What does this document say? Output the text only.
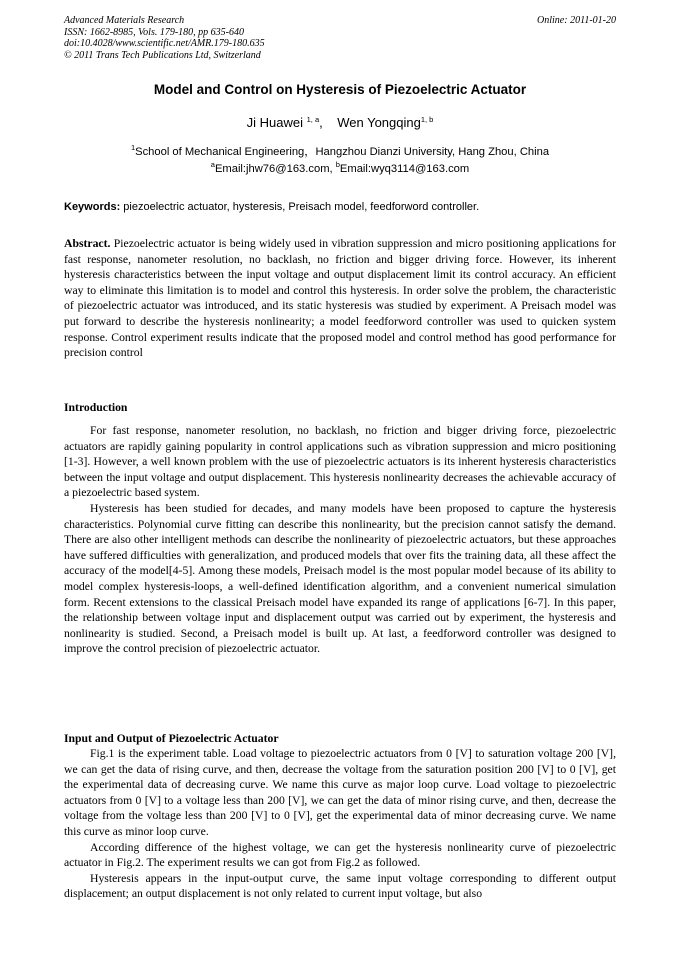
Advanced Materials Research
ISSN: 1662-8985, Vols. 179-180, pp 635-640
doi:10.4028/www.scientific.net/AMR.179-180.635
© 2011 Trans Tech Publications Ltd, Switzerland
Online: 2011-01-20
Model and Control on Hysteresis of Piezoelectric Actuator
Ji Huawei $^{1, a}$, Wen Yongqing$^{1, b}$
$^1$School of Mechanical Engineering，Hangzhou Dianzi University, Hang Zhou, China
$^a$Email:jhw76@163.com, $^b$Email:wyq3114@163.com
Keywords: piezoelectric actuator, hysteresis, Preisach model, feedforword controller.
Abstract. Piezoelectric actuator is being widely used in vibration suppression and micro positioning applications for fast response, nanometer resolution, no backlash, no friction and bigger driving force. However, its inherent hysteresis characteristics between the input voltage and output displacement limit its control accuracy. An efficient way to eliminate this limitation is to model and control this hysteresis. In order solve the problem, the characteristic of piezoelectric actuator was introduced, and its static hysteresis was studied by experiment. A Preisach model was put forward to describe the hysteresis nonlinearity; a model feedforword controller was used to quicken system response. Control experiment results indicate that the proposed model and control method has good performance for precision control
Introduction

For fast response, nanometer resolution, no backlash, no friction and bigger driving force, piezoelectric actuators are rapidly gaining popularity in control applications such as vibration suppression and micro positioning [1-3]. However, a well known problem with the use of piezoelectric actuators is its inherent hysteresis characteristics between the input voltage and output displacement. This hysteresis nonlinearity decreases the achievable accuracy of a piezoelectric based system.

Hysteresis has been studied for decades, and many models have been proposed to capture the hysteresis characteristics. Polynomial curve fitting can describe this nonlinearity, but the precision cannot satisfy the demand. There are also other intelligent methods can describe the nonlinearity of piezoelectric actuators, but these approaches have suffered difficulties with generalization, and produced models that over fits the training data, all these affect the accuracy of the model[4-5]. Among these models, Preisach model is the most popular model because of its ability to model complex hysteresis-loops, a well-defined identification algorithm, and a convenient numerical simulation form. Recent extensions to the classical Preisach model have expanded its range of applications [6-7]. In this paper, the relationship between voltage input and displacement output was carried out by experiment, the hysteresis and nonlinearity is studied. Second, a Preisach model is built up. At last, a feedforword controller was designed to improve the control precision of piezoelectric actuator.

Input and Output of Piezoelectric Actuator

Fig.1 is the experiment table. Load voltage to piezoelectric actuators from 0 [V] to saturation voltage 200 [V], we can get the data of rising curve, and then, decrease the voltage from the saturation position 200 [V] to 0 [V], get the experimental data of decreasing curve. We name this curve as major loop curve. Load voltage to piezoelectric actuators from 0 [V] to a voltage less than 200 [V], we can get the data of minor rising curve, and then, decrease the voltage from the voltage less than 200 [V] to 0 [V], get the experimental data of minor decreasing curve. We name this curve as minor loop curve.

According difference of the highest voltage, we can get the hysteresis nonlinearity curve of piezoelectric actuator in Fig.2. The experiment results we can got from Fig.2 as followed.

Hysteresis appears in the input-output curve, the same input voltage corresponding to different output displacement; an output displacement is not only related to current input voltage, but also
